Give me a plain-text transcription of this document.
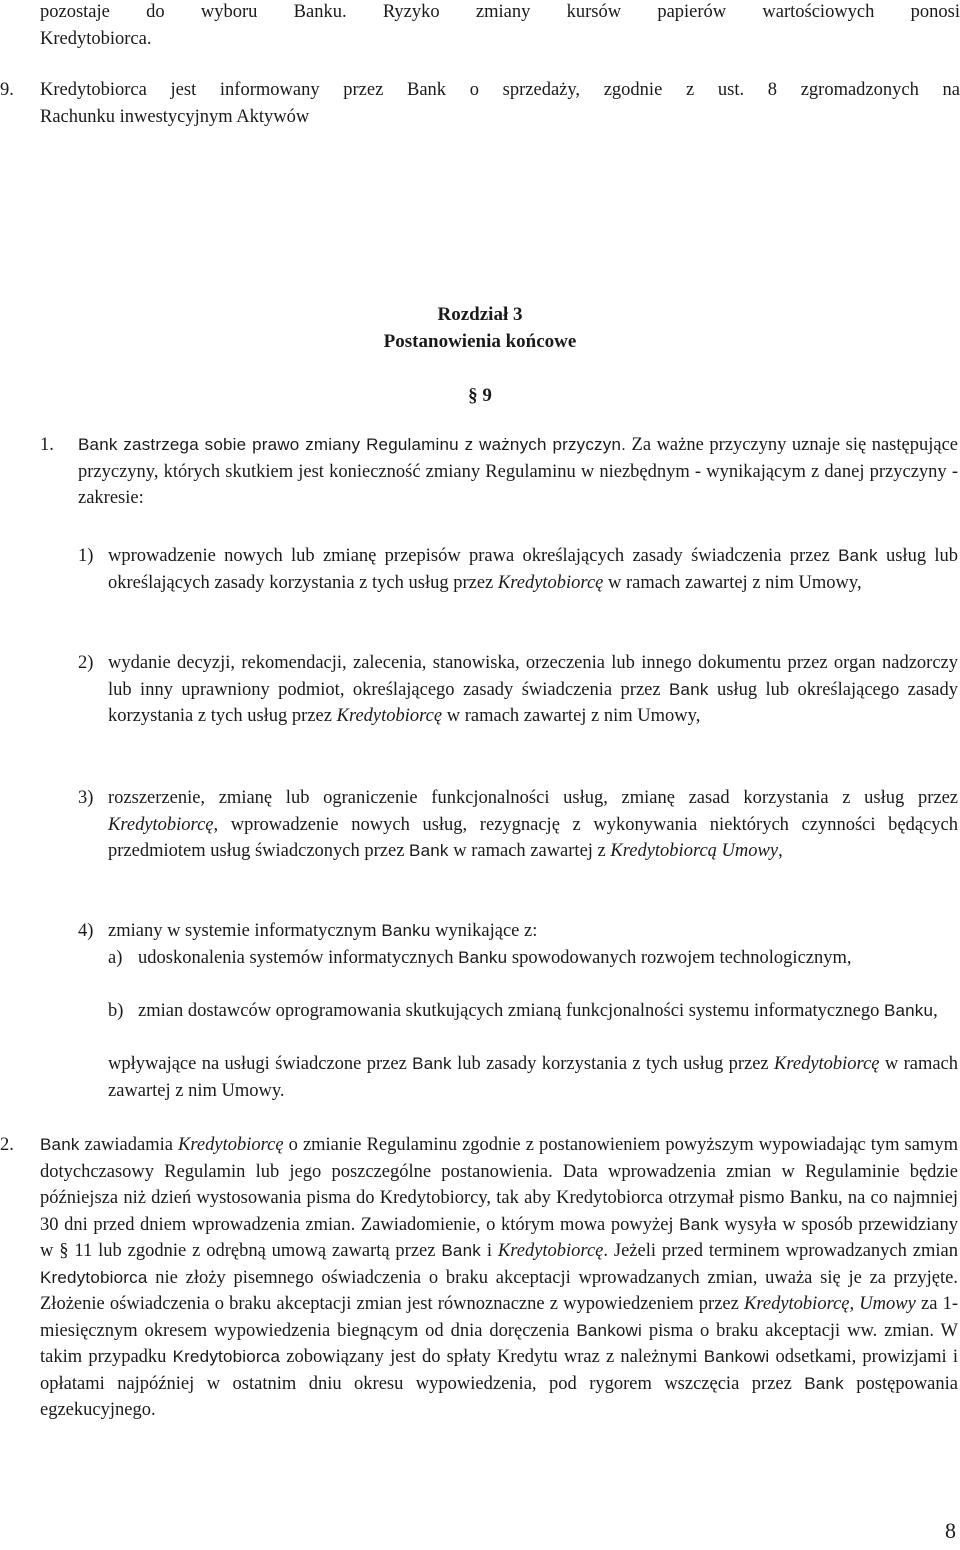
pozostaje do wyboru Banku. Ryzyko zmiany kursów papierów wartościowych ponosi

Kredytobiorca.

9. Kredytobiorca jest informowany przez Bank o sprzedaży, zgodnie z ust. 8 zgromadzonych na

Rachunku inwestycyjnym Aktywów

Rozdział 3
Postanowienia końcowe
§ 9
1. Bank zastrzega sobie prawo zmiany Regulaminu z ważnych przyczyn. Za ważne przyczyny uznaje się następujące przyczyny, których skutkiem jest konieczność zmiany Regulaminu w niezbędnym - wynikającym z danej przyczyny - zakresie:

1) wprowadzenie nowych lub zmianę przepisów prawa określających zasady świadczenia przez Bank usług lub określających zasady korzystania z tych usług przez Kredytobiorcę w ramach zawartej z nim Umowy,

2) wydanie decyzji, rekomendacji, zalecenia, stanowiska, orzeczenia lub innego dokumentu przez organ nadzorczy lub inny uprawniony podmiot, określającego zasady świadczenia przez Bank usług lub określającego zasady korzystania z tych usług przez Kredytobiorcę w ramach zawartej z nim Umowy,

3) rozszerzenie, zmianę lub ograniczenie funkcjonalności usług, zmianę zasad korzystania z usług przez Kredytobiorcę, wprowadzenie nowych usług, rezygnację z wykonywania niektórych czynności będących przedmiotem usług świadczonych przez Bank w ramach zawartej z Kredytobiorcą Umowy,

4) zmiany w systemie informatycznym Banku wynikające z:

a) udoskonalenia systemów informatycznych Banku spowodowanych rozwojem technologicznym,

b) zmian dostawców oprogramowania skutkujących zmianą funkcjonalności systemu informatycznego Banku,

wpływające na usługi świadczone przez Bank lub zasady korzystania z tych usług przez Kredytobiorcę w ramach zawartej z nim Umowy.

2. Bank zawiadamia Kredytobiorcę o zmianie Regulaminu zgodnie z postanowieniem powyższym wypowiadając tym samym dotychczasowy Regulamin lub jego poszczególne postanowienia. Data wprowadzenia zmian w Regulaminie będzie późniejsza niż dzień wystosowania pisma do Kredytobiorcy, tak aby Kredytobiorca otrzymał pismo Banku, na co najmniej 30 dni przed dniem wprowadzenia zmian. Zawiadomienie, o którym mowa powyżej Bank wysyła w sposób przewidziany w § 11 lub zgodnie z odrębną umową zawartą przez Bank i Kredytobiorcę. Jeżeli przed terminem wprowadzanych zmian Kredytobiorca nie złoży pisemnego oświadczenia o braku akceptacji wprowadzanych zmian, uważa się je za przyjęte. Złożenie oświadczenia o braku akceptacji zmian jest równoznaczne z wypowiedzeniem przez Kredytobiorcę, Umowy za 1-miesięcznym okresem wypowiedzenia biegnącym od dnia doręczenia Bankowi pisma o braku akceptacji ww. zmian. W takim przypadku Kredytobiorca zobowiązany jest do spłaty Kredytu wraz z należnymi Bankowi odsetkami, prowizjami i opłatami najpóźniej w ostatnim dniu okresu wypowiedzenia, pod rygorem wszczęcia przez Bank postępowania egzekucyjnego.

8
